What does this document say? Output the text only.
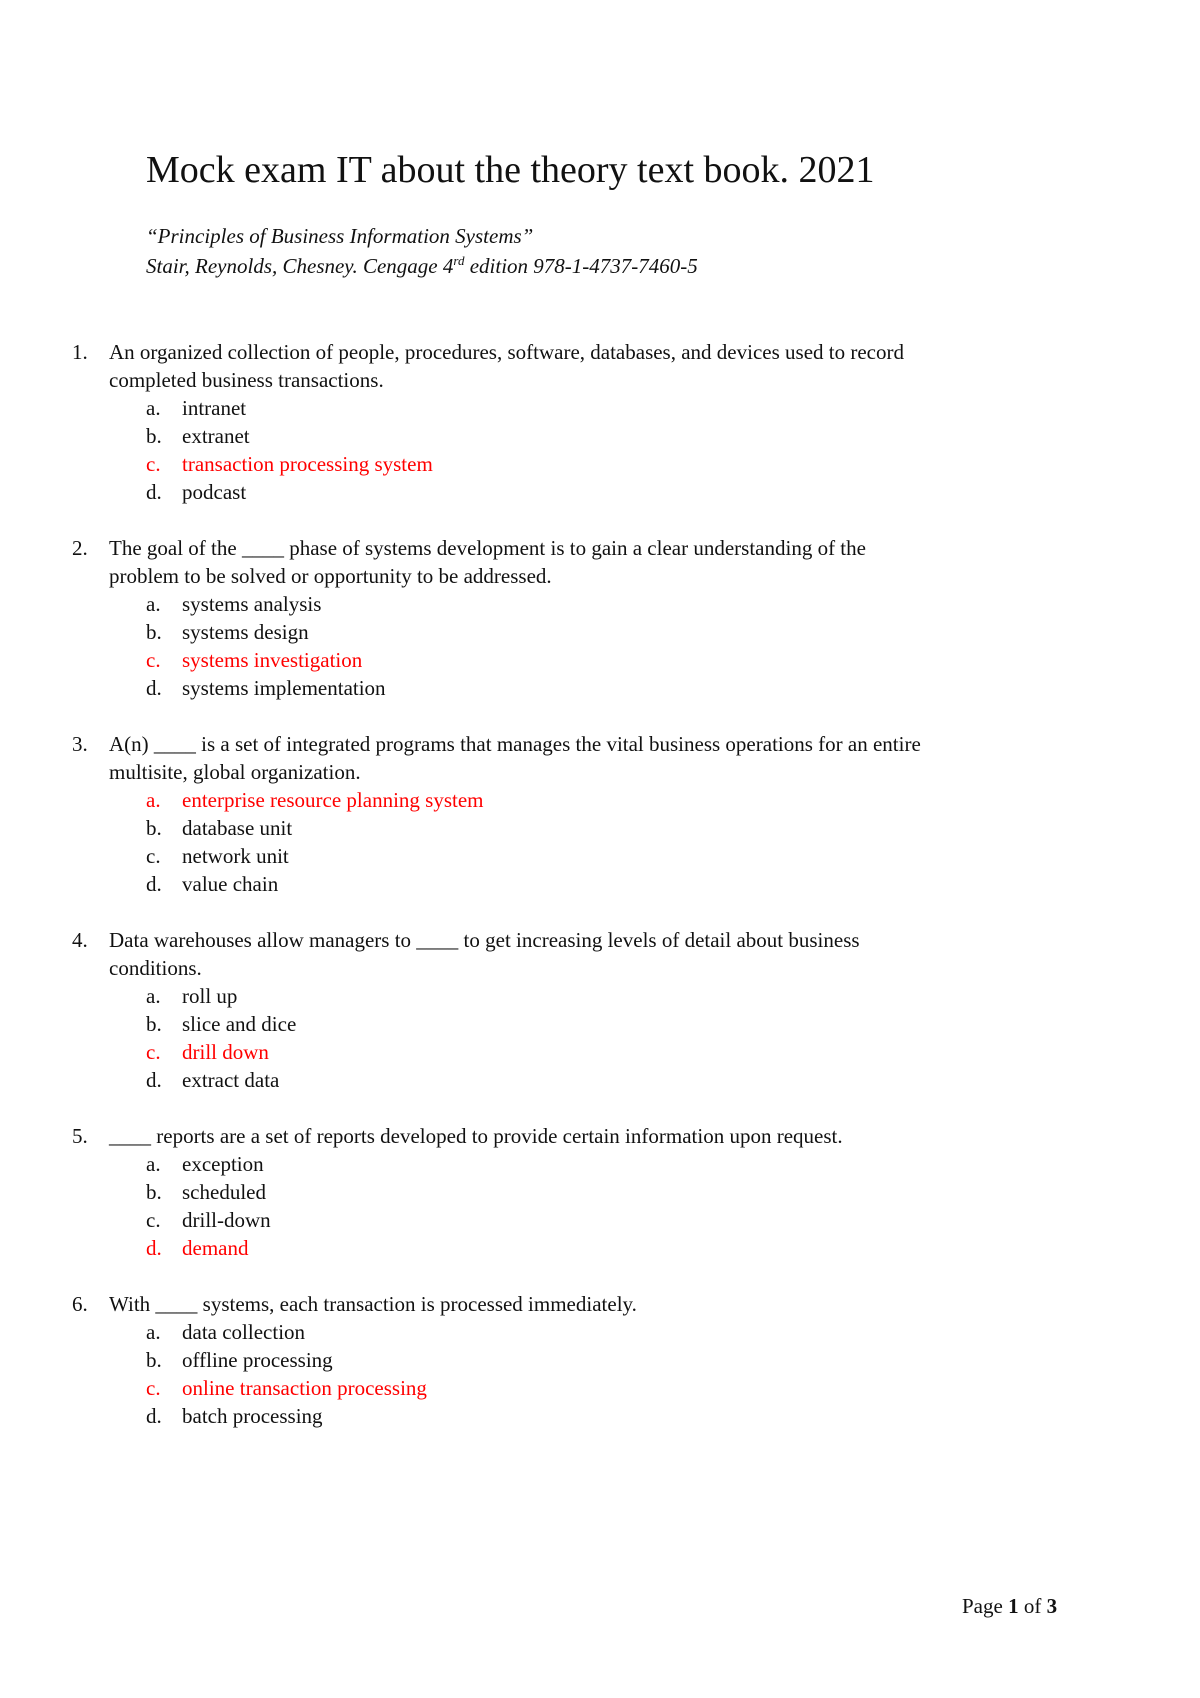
Mock exam IT about the theory text book. 2021
“Principles of Business Information Systems”
Stair, Reynolds, Chesney. Cengage 4rd edition 978-1-4737-7460-5
1. An organized collection of people, procedures, software, databases, and devices used to record
completed business transactions.
a. intranet
b. extranet
c. transaction processing system
d. podcast
2. The goal of the ____ phase of systems development is to gain a clear understanding of the
problem to be solved or opportunity to be addressed.
a. systems analysis
b. systems design
c. systems investigation
d. systems implementation
3. A(n) ____ is a set of integrated programs that manages the vital business operations for an entire
multisite, global organization.
a. enterprise resource planning system
b. database unit
c. network unit
d. value chain
4. Data warehouses allow managers to ____ to get increasing levels of detail about business
conditions.
a. roll up
b. slice and dice
c. drill down
d. extract data
5. ____ reports are a set of reports developed to provide certain information upon request.
a. exception
b. scheduled
c. drill-down
d. demand
6. With ____ systems, each transaction is processed immediately.
a. data collection
b. offline processing
c. online transaction processing
d. batch processing
Page 1 of 3
